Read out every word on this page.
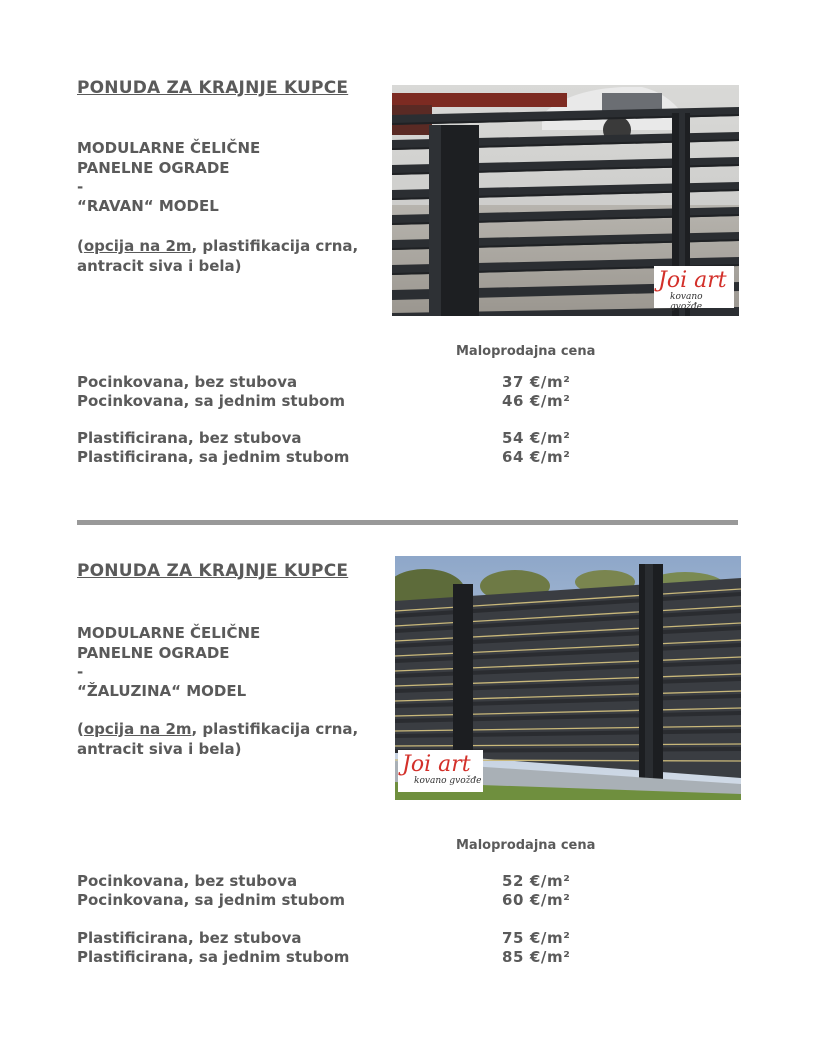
PONUDA ZA KRAJNJE KUPCE
MODULARNE ČELIČNE
PANELNE OGRADE
-
“RAVAN“ MODEL
(opcija na 2m, plastifikacija crna,
antracit siva i bela)
Joi art
kovano gvožđe
Maloprodajna cena
Pocinkovana, bez stubova
Pocinkovana, sa jednim stubom
Plastificirana, bez stubova
Plastificirana, sa jednim stubom
37 €/m²
46 €/m²
54 €/m²
64 €/m²
PONUDA ZA KRAJNJE KUPCE
MODULARNE ČELIČNE
PANELNE OGRADE
-
“ŽALUZINA“ MODEL
(opcija na 2m, plastifikacija crna,
antracit siva i bela)
Joi art
kovano gvožđe
Maloprodajna cena
Pocinkovana, bez stubova
Pocinkovana, sa jednim stubom
Plastificirana, bez stubova
Plastificirana, sa jednim stubom
52 €/m²
60 €/m²
75 €/m²
85 €/m²
